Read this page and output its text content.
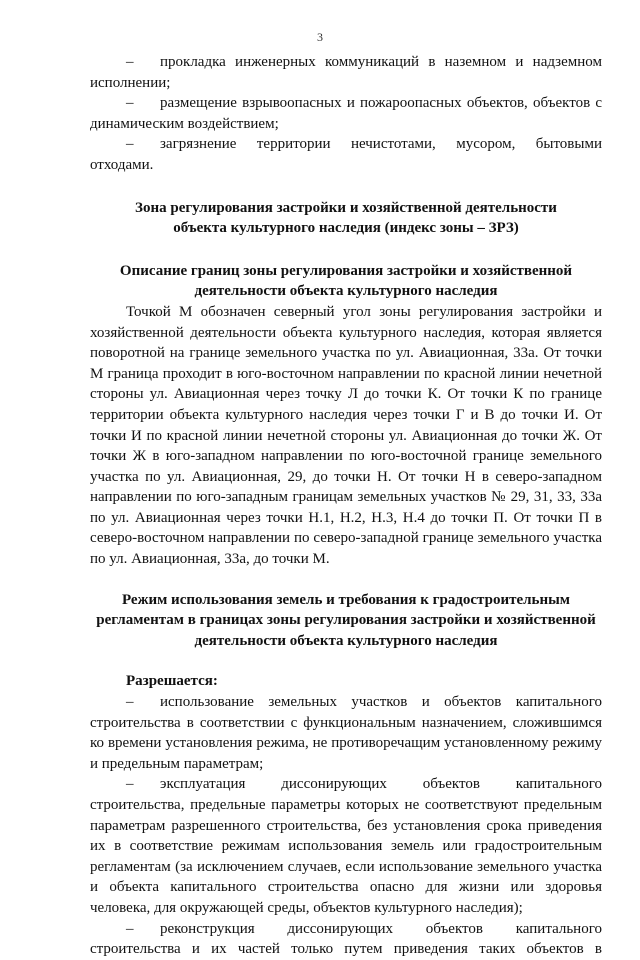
3
–	прокладка инженерных коммуникаций в наземном и надземном
исполнении;
–	размещение взрывоопасных и пожароопасных объектов, объектов с
динамическим воздействием;
–	загрязнение территории нечистотами, мусором, бытовыми
отходами.

Зона регулирования застройки и хозяйственной деятельности

объекта культурного наследия (индекс зоны – ЗРЗ)

Описание границ зоны регулирования застройки и хозяйственной

деятельности объекта культурного наследия

Точкой М обозначен северный угол зоны регулирования застройки и

хозяйственной деятельности объекта культурного наследия, которая является

поворотной на границе земельного участка по ул. Авиационная, 33а. От точки

М граница проходит в юго-восточном направлении по красной линии нечетной

стороны ул. Авиационная через точку Л до точки К. От точки К по границе

территории объекта культурного наследия через точки Г и В до точки И. От

точки И по красной линии нечетной стороны ул. Авиационная до точки Ж. От

точки Ж в юго-западном направлении по юго-восточной границе земельного

участка по ул. Авиационная, 29, до точки Н. От точки Н в северо-западном

направлении по юго-западным границам земельных участков № 29, 31, 33, 33а

по ул. Авиационная через точки Н.1, Н.2, Н.3, Н.4 до точки П. От точки П в

северо-восточном направлении по северо-западной границе земельного участка

по ул. Авиационная, 33а, до точки М.

Режим использования земель и требования к градостроительным

регламентам в границах зоны регулирования застройки и хозяйственной

деятельности объекта культурного наследия

Разрешается:

–	использование земельных участков и объектов капитального
строительства в соответствии с функциональным назначением, сложившимся
ко времени установления режима, не противоречащим установленному режиму
и предельным параметрам;
–	эксплуатация диссонирующих объектов капитального
строительства, предельные параметры которых не соответствуют предельным
параметрам разрешенного строительства, без установления срока приведения
их в соответствие режимам использования земель или градостроительным
регламентам (за исключением случаев, если использование земельного участка
и объекта капитального строительства опасно для жизни или здоровья
человека, для окружающей среды, объектов культурного наследия);
–	реконструкция диссонирующих объектов капитального
строительства и их частей только путем приведения таких объектов в
